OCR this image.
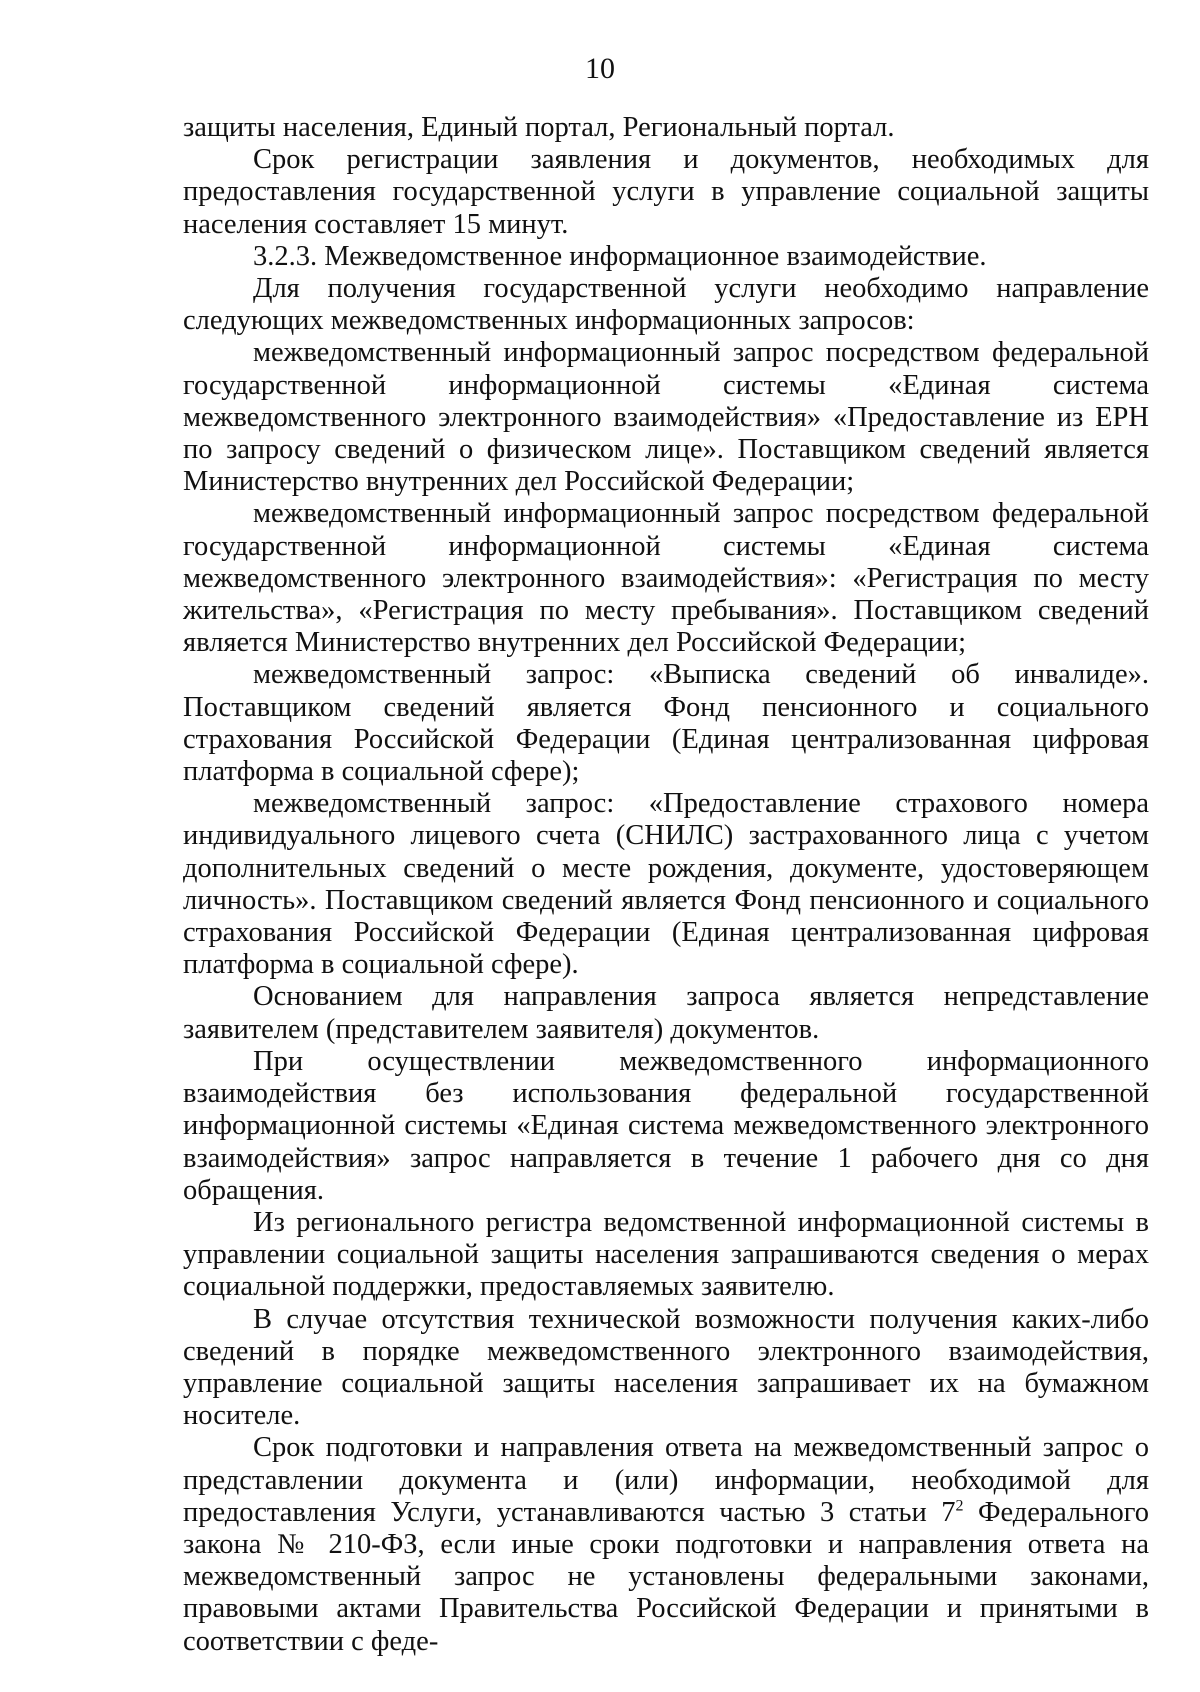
10

защиты населения, Единый портал, Региональный портал.

Срок регистрации заявления и документов, необходимых для предоставления государственной услуги в управление социальной защиты населения составляет 15 минут.

3.2.3. Межведомственное информационное взаимодействие.

Для получения государственной услуги необходимо направление следующих межведомственных информационных запросов:

межведомственный информационный запрос посредством федеральной государственной информационной системы «Единая система межведомственного электронного взаимодействия» «Предоставление из ЕРН по запросу сведений о физическом лице». Поставщиком сведений является Министерство внутренних дел Российской Федерации;

межведомственный информационный запрос посредством федеральной государственной информационной системы «Единая система межведомственного электронного взаимодействия»: «Регистрация по месту жительства», «Регистрация по месту пребывания». Поставщиком сведений является Министерство внутренних дел Российской Федерации;

межведомственный запрос: «Выписка сведений об инвалиде». Поставщиком сведений является Фонд пенсионного и социального страхования Российской Федерации (Единая централизованная цифровая платформа в социальной сфере);

межведомственный запрос: «Предоставление страхового номера индивидуального лицевого счета (СНИЛС) застрахованного лица с учетом дополнительных сведений о месте рождения, документе, удостоверяющем личность». Поставщиком сведений является Фонд пенсионного и социального страхования Российской Федерации (Единая централизованная цифровая платформа в социальной сфере).

Основанием для направления запроса является непредставление заявителем (представителем заявителя) документов.

При осуществлении межведомственного информационного взаимодействия без использования федеральной государственной информационной системы «Единая система межведомственного электронного взаимодействия» запрос направляется в течение 1 рабочего дня со дня обращения.

Из регионального регистра ведомственной информационной системы в управлении социальной защиты населения запрашиваются сведения о мерах социальной поддержки, предоставляемых заявителю.

В случае отсутствия технической возможности получения каких-либо сведений в порядке межведомственного электронного взаимодействия, управление социальной защиты населения запрашивает их на бумажном носителе.

Срок подготовки и направления ответа на межведомственный запрос о представлении документа и (или) информации, необходимой для предоставления Услуги, устанавливаются частью 3 статьи $7^2$ Федерального закона № 210-ФЗ, если иные сроки подготовки и направления ответа на межведомственный запрос не установлены федеральными законами, правовыми актами Правительства Российской Федерации и принятыми в соответствии с феде-
